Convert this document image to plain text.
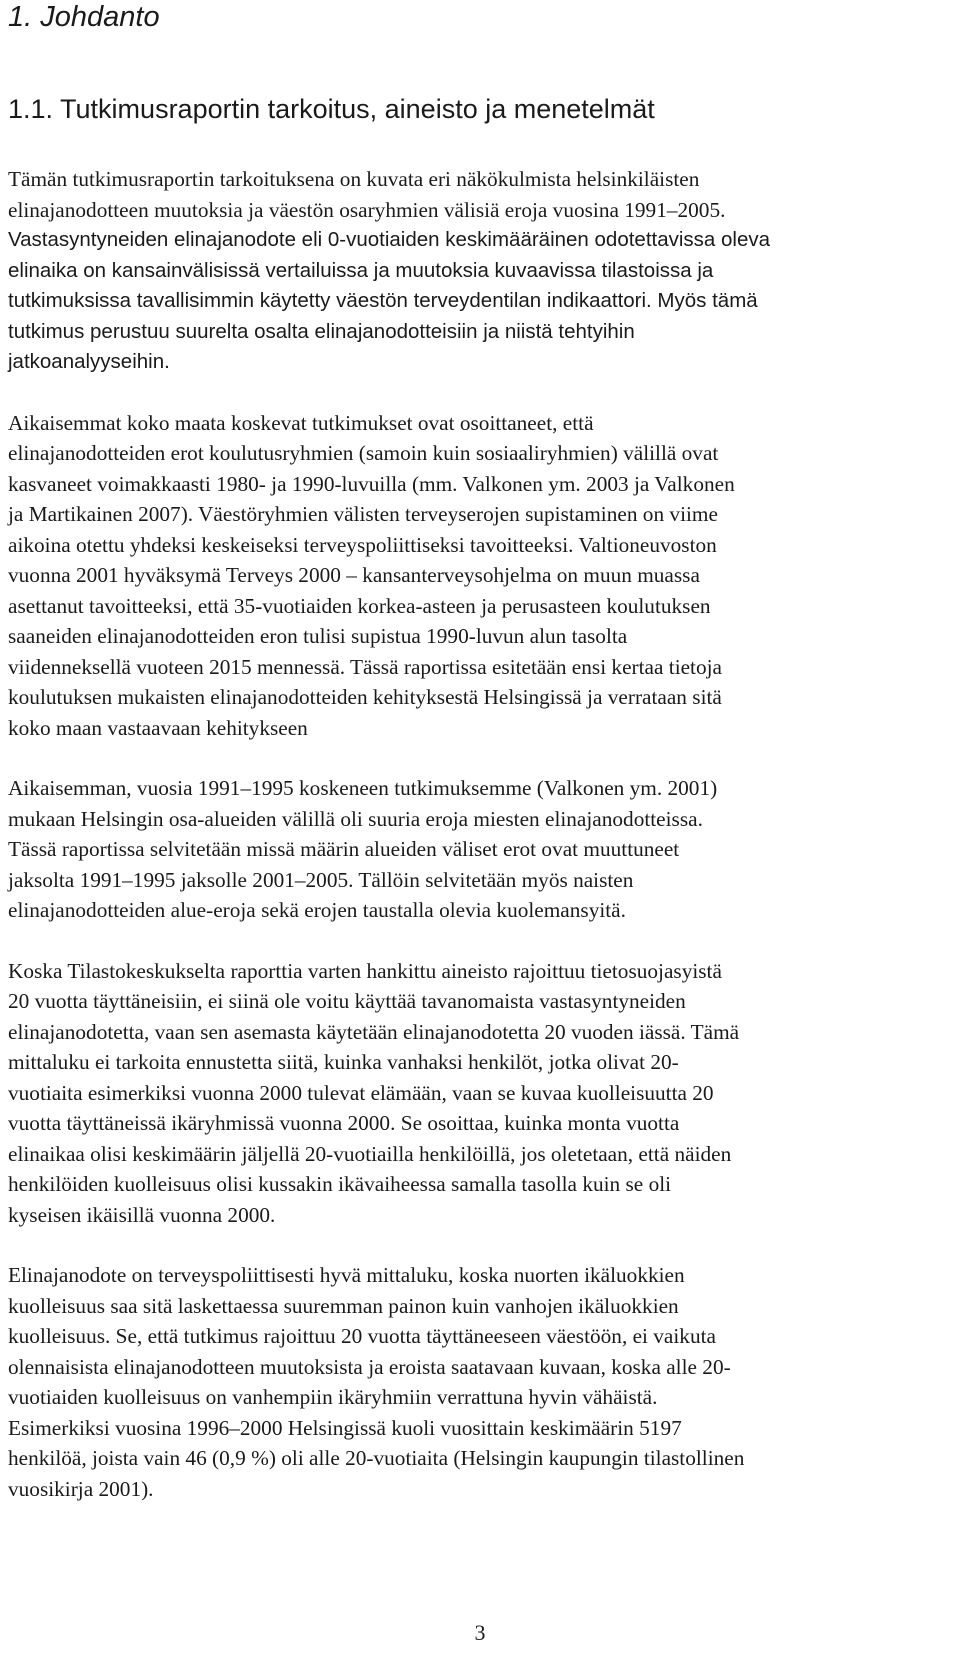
1. Johdanto
1.1. Tutkimusraportin tarkoitus, aineisto ja menetelmät

Tämän tutkimusraportin tarkoituksena on kuvata eri näkökulmista helsinkiläisten
elinajanodotteen muutoksia ja väestön osaryhmien välisiä eroja vuosina 1991–2005.
Vastasyntyneiden elinajanodote eli 0-vuotiaiden keskimääräinen odotettavissa oleva
elinaika on kansainvälisissä vertailuissa ja muutoksia kuvaavissa tilastoissa ja
tutkimuksissa tavallisimmin käytetty väestön terveydentilan indikaattori. Myös tämä
tutkimus perustuu suurelta osalta elinajanodotteisiin ja niistä tehtyihin
jatkoanalyyseihin.

Aikaisemmat koko maata koskevat tutkimukset ovat osoittaneet, että
elinajanodotteiden erot koulutusryhmien (samoin kuin sosiaaliryhmien) välillä ovat
kasvaneet voimakkaasti 1980- ja 1990-luvuilla (mm. Valkonen ym. 2003 ja Valkonen
ja Martikainen 2007). Väestöryhmien välisten terveyserojen supistaminen on viime
aikoina otettu yhdeksi keskeiseksi terveyspoliittiseksi tavoitteeksi. Valtioneuvoston
vuonna 2001 hyväksymä Terveys 2000 – kansanterveysohjelma on muun muassa
asettanut tavoitteeksi, että 35-vuotiaiden korkea-asteen ja perusasteen koulutuksen
saaneiden elinajanodotteiden eron tulisi supistua 1990-luvun alun tasolta
viidenneksellä vuoteen 2015 mennessä. Tässä raportissa esitetään ensi kertaa tietoja
koulutuksen mukaisten elinajanodotteiden kehityksestä Helsingissä ja verrataan sitä
koko maan vastaavaan kehitykseen

Aikaisemman, vuosia 1991–1995 koskeneen tutkimuksemme (Valkonen ym. 2001)
mukaan Helsingin osa-alueiden välillä oli suuria eroja miesten elinajanodotteissa.
Tässä raportissa selvitetään missä määrin alueiden väliset erot ovat muuttuneet
jaksolta 1991–1995 jaksolle 2001–2005. Tällöin selvitetään myös naisten
elinajanodotteiden alue-eroja sekä erojen taustalla olevia kuolemansyitä.

Koska Tilastokeskukselta raporttia varten hankittu aineisto rajoittuu tietosuojasyistä
20 vuotta täyttäneisiin, ei siinä ole voitu käyttää tavanomaista vastasyntyneiden
elinajanodotetta, vaan sen asemasta käytetään elinajanodotetta 20 vuoden iässä. Tämä
mittaluku ei tarkoita ennustetta siitä, kuinka vanhaksi henkilöt, jotka olivat 20-
vuotiaita esimerkiksi vuonna 2000 tulevat elämään, vaan se kuvaa kuolleisuutta 20
vuotta täyttäneissä ikäryhmissä vuonna 2000. Se osoittaa, kuinka monta vuotta
elinaikaa olisi keskimäärin jäljellä 20-vuotiailla henkilöillä, jos oletetaan, että näiden
henkilöiden kuolleisuus olisi kussakin ikävaiheessa samalla tasolla kuin se oli
kyseisen ikäisillä vuonna 2000.

Elinajanodote on terveyspoliittisesti hyvä mittaluku, koska nuorten ikäluokkien
kuolleisuus saa sitä laskettaessa suuremman painon kuin vanhojen ikäluokkien
kuolleisuus. Se, että tutkimus rajoittuu 20 vuotta täyttäneeseen väestöön, ei vaikuta
olennaisista elinajanodotteen muutoksista ja eroista saatavaan kuvaan, koska alle 20-
vuotiaiden kuolleisuus on vanhempiin ikäryhmiin verrattuna hyvin vähäistä.
Esimerkiksi vuosina 1996–2000 Helsingissä kuoli vuosittain keskimäärin 5197
henkilöä, joista vain 46 (0,9 %) oli alle 20-vuotiaita (Helsingin kaupungin tilastollinen
vuosikirja 2001).

3
